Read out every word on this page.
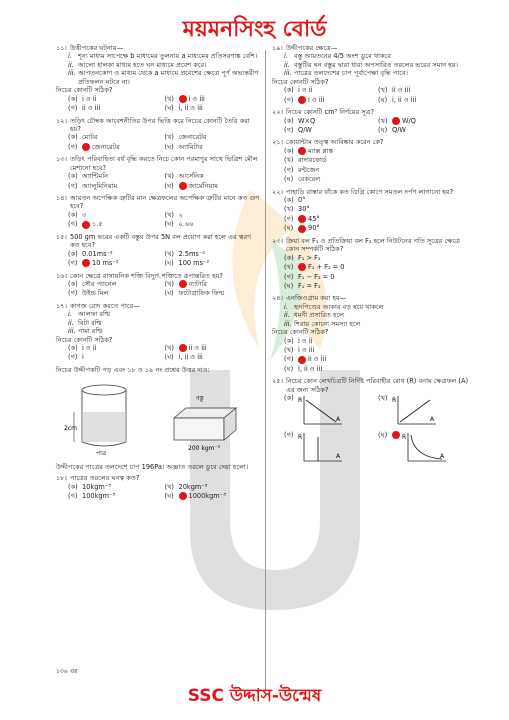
ময়মনসিংহ বোর্ড
১১। উত্তীপকের ঘটনায়—
i. শূন্য মাধ্যম সাপেক্ষে b মাধ্যমের তুলনায় a মাধ্যমের প্রতিসরণাঙ্ক বেশি।
ii. আলো হালকা মাধ্যম হতে ঘন মাধ্যমে প্রবেশ করে।
iii. আপতনকোণ ও মাধ্যম থেকে a মাধ্যমে প্রবেশের ক্ষেত্রে পূর্ণ অভ্যন্তরীণ প্রতিফলন ঘটবে না।
নিচের কোনটি সঠিক?
(ক) i ও ii	(খ)	i ও iii
(গ) ii ও iii	(ঘ) i, ii ও iii
১২। তড়িৎ চৌম্বক আবেশনীতির উপর ভিত্তি করে নিচের কোনটি তৈরি করা হয়?
(ক) মোটর	(খ) জেনারেটর
(গ)	জেনারেটর	(ঘ) অ্যামিটার
১৩। তড়িৎ পরিবাহিতা বর্ধ বৃদ্ধি করতে নিচে কোন পরমাণুর সাথে ভিত্রিশ মৌল মেশানো হবে?
(ক) অ্যান্টিমনি	(খ) আর্সেনিক
(গ) অ্যালুমিনিয়াম	(ঘ)	জার্মেনিয়াম
১৪। আয়তন অপেক্ষিক ত্রুটির মান ক্ষেত্রফলের অপেক্ষিক ত্রুটির মানে কত গুণ হবে?
(ক) ৩	(খ) ২
(গ)	১.৫	(ঘ) ০.৬৬
১৫। 500 gm ভরের একটি বস্তুর উপর 5N বল প্রয়োগ করা হলে এর ত্বরণ কত হবে?
(ক) 0.01ms⁻²	(খ) 2.5ms⁻²
(গ)	10 ms⁻²	(ঘ) 100 ms⁻²
১৬। কোন ক্ষেত্রে রাসায়নিক শক্তি বিদ্যুৎ শক্তিতে রূপান্তরিত হয়?
(ক) সৌর প্যানেল	(খ)	ব্যাটারি
(গ) উইন্ড মিল	(ঘ) ফটোগ্রাফিক ফিল্ম
১৭। কাগজ রোদ করতে পারে—
i. আলফা রশ্মি
ii. বিটা রশ্মি
iii. গামা রশ্মি
নিচের কোনটি সঠিক?
(ক) i ও ii	(খ)	ii ও iii
(গ) i	(ঘ) i, ii ও iii
নিচের উদ্দীপকটি পড় এবং ১৮ ও ১৯ নং প্রশ্নের উত্তর দাও:
2cm
পাত্র
বস্তু
200 kgm⁻³
উদ্দীপকের পাত্রের তলদেশে চাপ 196Pa। অজ্ঞাত তরলে ডুবে দেয়া হলো।
১৮। পাত্রের তরলের ঘনত্ব কত?
(ক) 10kgm⁻³	(খ) 20kgm⁻³
(গ) 100kgm⁻³	(ঘ)	1000kgm⁻³
১৯। উদ্দীপকের ক্ষেত্রে—
i. বস্তু আয়তনের 4/5 অংশ ডুবে থাকবে
ii. বস্তুটির ঘন বস্তুর দ্বারা ধারা অপসারিত তরলের ভরের সমান হয়।
iii. পাত্রের তলদেশের চাপ পূর্বাপেক্ষা বৃদ্ধি পাবে।
নিচের কোনটি সঠিক?
(ক) i ও ii	(খ) ii ও iii
(গ)	i ও iii	(ঘ) i, ii ও iii
২০। নিচের কোনটি cm³ নির্ণয়ের সূত্র?
(ক) W×Q	(খ)	W/Q
(গ) Q/W	(ঘ) Q/W
২১। কোয়ান্টাম তত্ত্ব আবিষ্কার করেন কে?
(ক)	ম্যাক্স প্লাঙ্ক
(খ) রাদারফোর্ড
(গ) রন্টজেন
(ঘ) বেকরেল
২২। পাহাড়ি রাস্তার বাঁকে কত ডিগ্রি কোণে সমতল দর্পণ লাগানো হয়?
(ক) 0°
(খ) 30°
(গ)	45°
(ঘ)	90°
২৩। ক্রিয়া বল F₁ ও প্রতিক্রিয়া বল F₂ হলে নিউটনের গতি সূত্রের ক্ষেত্রে কোন সম্পর্কটি সঠিক?
(ক) F₁ > F₂
(খ)	F₁ + F₂ = 0
(গ) F₁ − F₂ = 0
(ঘ) F₁ = F₂
২৪। এনজিওগ্রাম করা হয়—
i. হৃদপিণ্ডের আকার বড় হয়ে থাকলে
ii. ধমনী প্রসারিত হলে
iii. শিরায় কোনো সমস্যা হলে
নিচের কোনটি সঠিক?
(ক) i ও ii
(খ) i ও iii
(গ)	ii ও iii
(ঘ) i, ii ও iii
২৫। নিচের কোন লেখচিত্রটি নির্দিষ্ট পরিবাহীর রোধ (R) বনাম ক্ষেত্রফল (A) এর জন্য সঠিক?
(ক) R
A
(খ) R
A
(গ) R
A
(ঘ)	R
A
১৩৬ এর
SSC উদ্দাস-উন্মেষ
